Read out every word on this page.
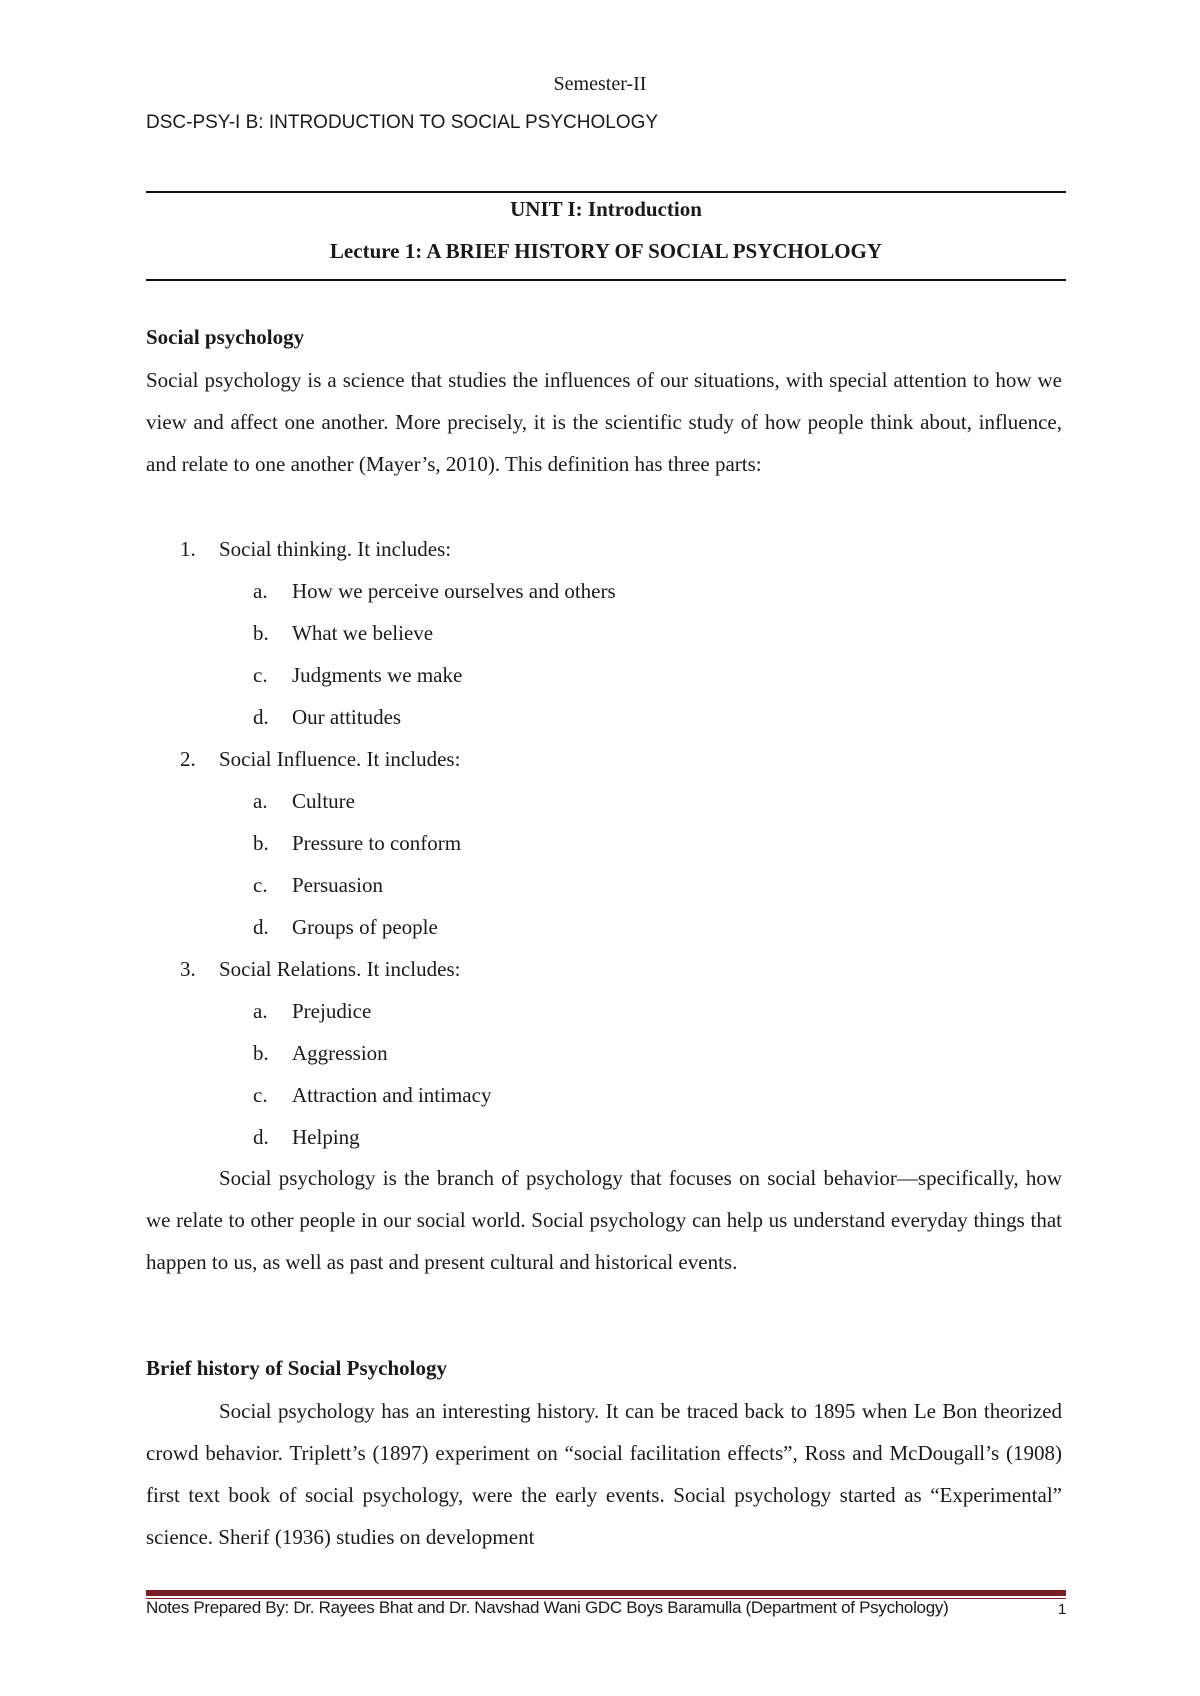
Semester-II
DSC-PSY-I B: INTRODUCTION TO SOCIAL PSYCHOLOGY
UNIT I: Introduction
Lecture 1: A BRIEF HISTORY OF SOCIAL PSYCHOLOGY
Social psychology
Social psychology is a science that studies the influences of our situations, with special attention to how we view and affect one another. More precisely, it is the scientific study of how people think about, influence, and relate to one another (Mayer’s, 2010). This definition has three parts:
1. Social thinking. It includes:
a. How we perceive ourselves and others
b. What we believe
c. Judgments we make
d. Our attitudes
2. Social Influence. It includes:
a. Culture
b. Pressure to conform
c. Persuasion
d. Groups of people
3. Social Relations. It includes:
a. Prejudice
b. Aggression
c. Attraction and intimacy
d. Helping
Social psychology is the branch of psychology that focuses on social behavior—specifically, how we relate to other people in our social world. Social psychology can help us understand everyday things that happen to us, as well as past and present cultural and historical events.
Brief history of Social Psychology
Social psychology has an interesting history. It can be traced back to 1895 when Le Bon theorized crowd behavior. Triplett’s (1897) experiment on “social facilitation effects”, Ross and McDougall’s (1908) first text book of social psychology, were the early events. Social psychology started as “Experimental” science. Sherif (1936) studies on development
Notes Prepared By: Dr. Rayees Bhat and Dr. Navshad Wani GDC Boys Baramulla (Department of Psychology)	1
